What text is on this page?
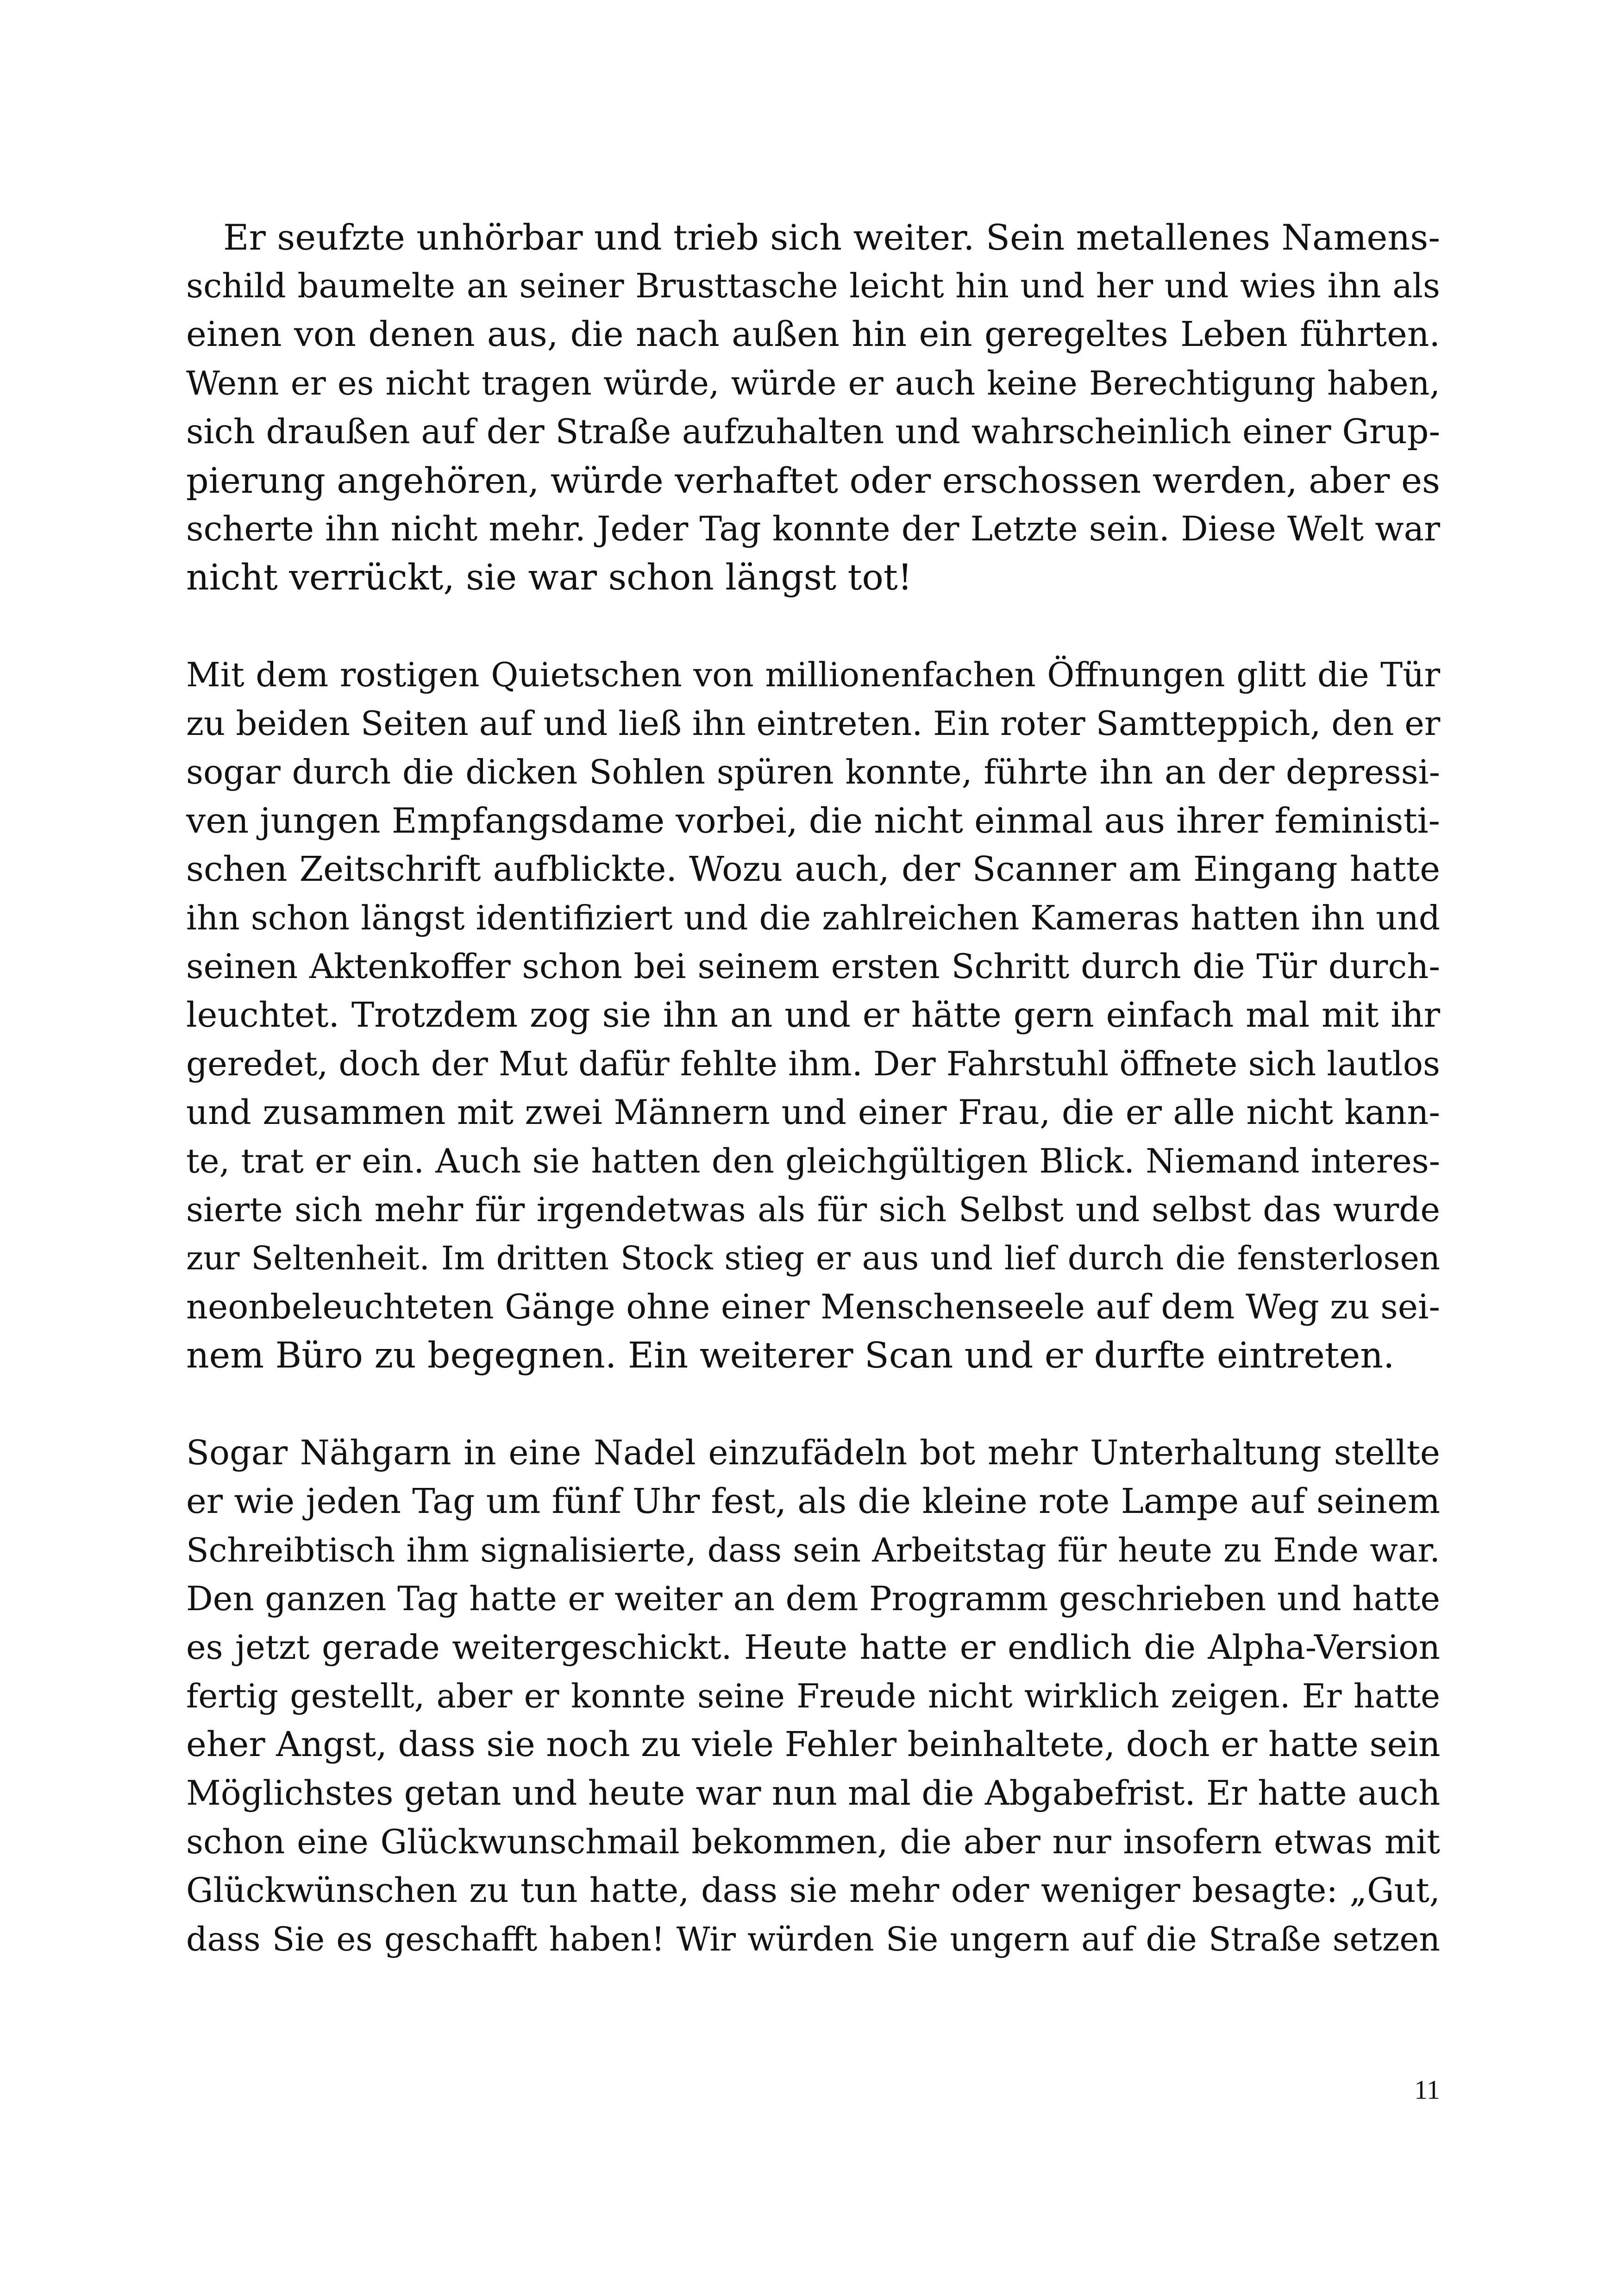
Er seufzte unhörbar und trieb sich weiter. Sein metallenes Namens-
schild baumelte an seiner Brusttasche leicht hin und her und wies ihn als
einen von denen aus, die nach außen hin ein geregeltes Leben führten.
Wenn er es nicht tragen würde, würde er auch keine Berechtigung haben,
sich draußen auf der Straße aufzuhalten und wahrscheinlich einer Grup-
pierung angehören, würde verhaftet oder erschossen werden, aber es
scherte ihn nicht mehr. Jeder Tag konnte der Letzte sein. Diese Welt war
nicht verrückt, sie war schon längst tot!
Mit dem rostigen Quietschen von millionenfachen Öffnungen glitt die Tür
zu beiden Seiten auf und ließ ihn eintreten. Ein roter Samtteppich, den er
sogar durch die dicken Sohlen spüren konnte, führte ihn an der depressi-
ven jungen Empfangsdame vorbei, die nicht einmal aus ihrer feministi-
schen Zeitschrift aufblickte. Wozu auch, der Scanner am Eingang hatte
ihn schon längst identifiziert und die zahlreichen Kameras hatten ihn und
seinen Aktenkoffer schon bei seinem ersten Schritt durch die Tür durch-
leuchtet. Trotzdem zog sie ihn an und er hätte gern einfach mal mit ihr
geredet, doch der Mut dafür fehlte ihm. Der Fahrstuhl öffnete sich lautlos
und zusammen mit zwei Männern und einer Frau, die er alle nicht kann-
te, trat er ein. Auch sie hatten den gleichgültigen Blick. Niemand interes-
sierte sich mehr für irgendetwas als für sich Selbst und selbst das wurde
zur Seltenheit. Im dritten Stock stieg er aus und lief durch die fensterlosen
neonbeleuchteten Gänge ohne einer Menschenseele auf dem Weg zu sei-
nem Büro zu begegnen. Ein weiterer Scan und er durfte eintreten.
Sogar Nähgarn in eine Nadel einzufädeln bot mehr Unterhaltung stellte
er wie jeden Tag um fünf Uhr fest, als die kleine rote Lampe auf seinem
Schreibtisch ihm signalisierte, dass sein Arbeitstag für heute zu Ende war.
Den ganzen Tag hatte er weiter an dem Programm geschrieben und hatte
es jetzt gerade weitergeschickt. Heute hatte er endlich die Alpha-Version
fertig gestellt, aber er konnte seine Freude nicht wirklich zeigen. Er hatte
eher Angst, dass sie noch zu viele Fehler beinhaltete, doch er hatte sein
Möglichstes getan und heute war nun mal die Abgabefrist. Er hatte auch
schon eine Glückwunschmail bekommen, die aber nur insofern etwas mit
Glückwünschen zu tun hatte, dass sie mehr oder weniger besagte: „Gut,
dass Sie es geschafft haben! Wir würden Sie ungern auf die Straße setzen
11
